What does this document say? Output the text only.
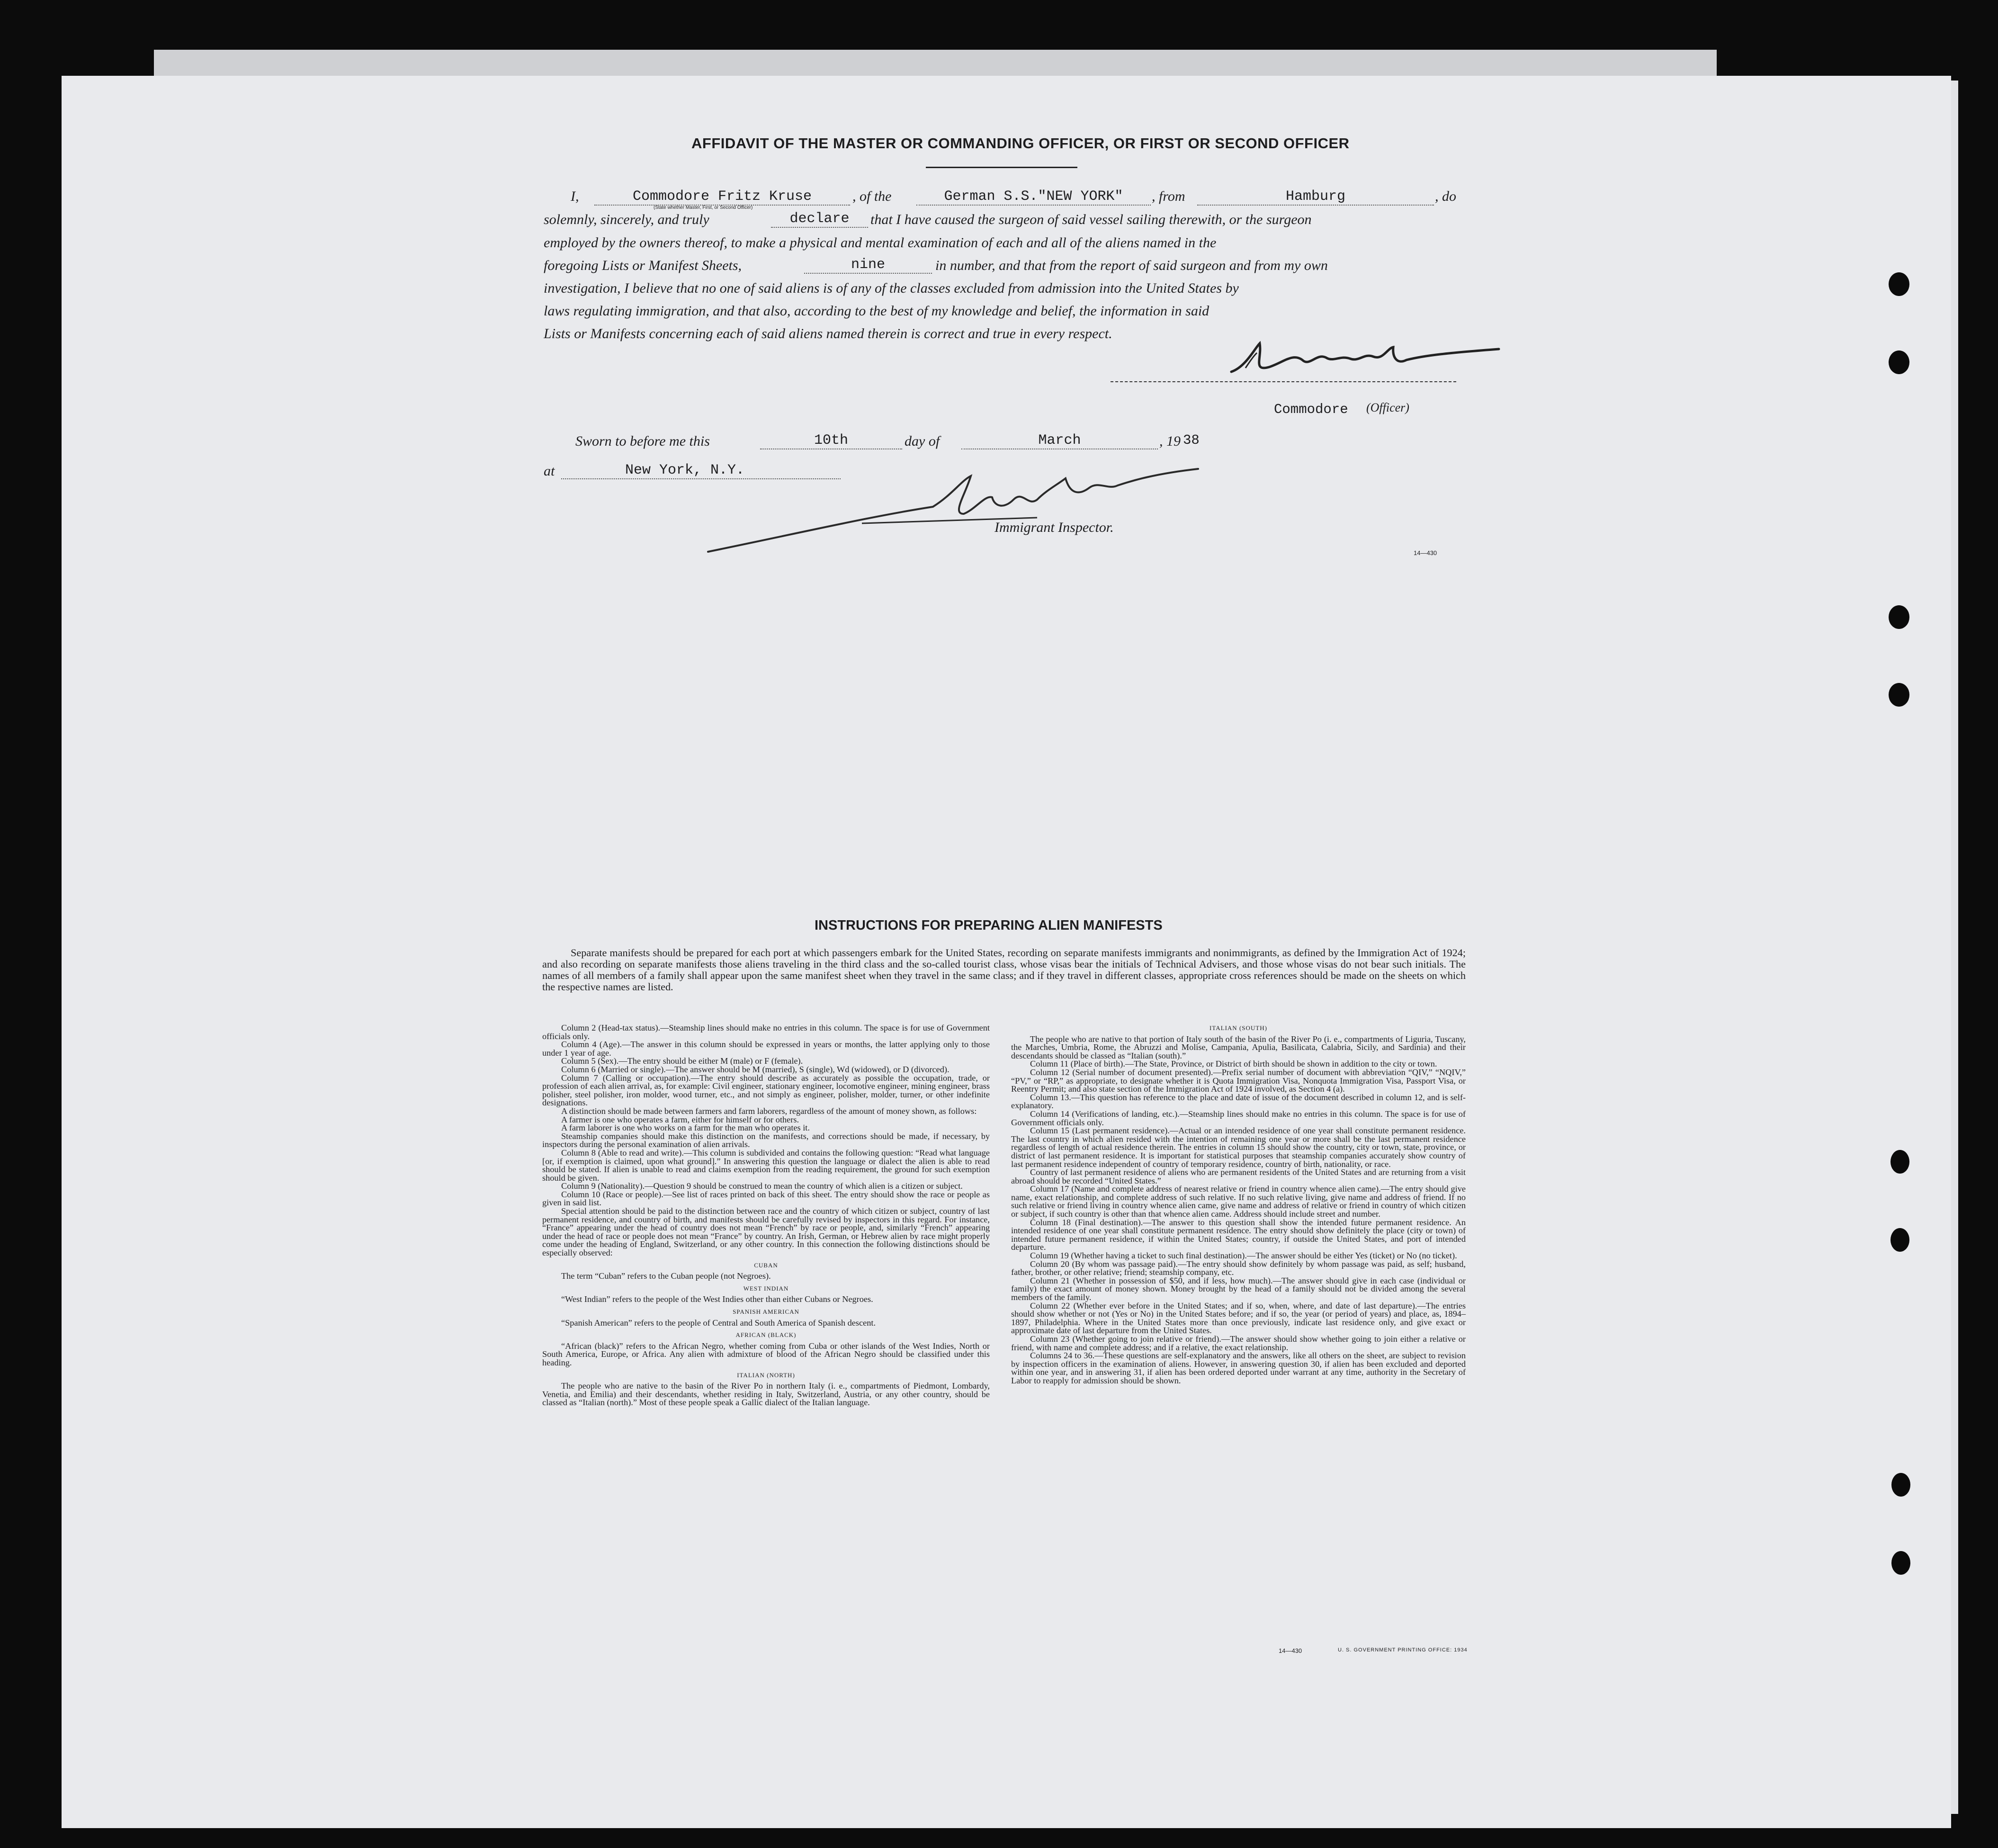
AFFIDAVIT OF THE MASTER OR COMMANDING OFFICER, OR FIRST OR SECOND OFFICER
I,	Commodore Fritz Kruse
(State whether Master, First, or Second Officer)
, of the	German S.S."NEW YORK"	, from	Hamburg	, do
solemnly, sincerely, and truly	declare	that I have caused the surgeon of said vessel sailing therewith, or the surgeon
employed by the owners thereof, to make a physical and mental examination of each and all of the aliens named in the
foregoing Lists or Manifest Sheets,	nine	in number, and that from the report of said surgeon and from my own
investigation, I believe that no one of said aliens is of any of the classes excluded from admission into the United States by
laws regulating immigration, and that also, according to the best of my knowledge and belief, the information in said
Lists or Manifests concerning each of said aliens named therein is correct and true in every respect.
Commodore (Officer)
Sworn to before me this	10th	day of	March	, 19 38
at	New York, N.Y.
Immigrant Inspector.
14—430
INSTRUCTIONS FOR PREPARING ALIEN MANIFESTS

Separate manifests should be prepared for each port at which passengers embark for the United States, recording on separate manifests immigrants and nonimmigrants, as defined by the Immigration Act of 1924; and also recording on separate manifests those aliens traveling in the third class and the so-called tourist class, whose visas bear the initials of Technical Advisers, and those whose visas do not bear such initials. The names of all members of a family shall appear upon the same manifest sheet when they travel in the same class; and if they travel in different classes, appropriate cross references should be made on the sheets on which the respective names are listed.

Column 2 (Head-tax status).—Steamship lines should make no entries in this column. The space is for use of Government officials only.

Column 4 (Age).—The answer in this column should be expressed in years or months, the latter applying only to those under 1 year of age.

Column 5 (Sex).—The entry should be either M (male) or F (female).

Column 6 (Married or single).—The answer should be M (married), S (single), Wd (widowed), or D (divorced).

Column 7 (Calling or occupation).—The entry should describe as accurately as possible the occupation, trade, or profession of each alien arrival, as, for example: Civil engineer, stationary engineer, locomotive engineer, mining engineer, brass polisher, steel polisher, iron molder, wood turner, etc., and not simply as engineer, polisher, molder, turner, or other indefinite designations.

A distinction should be made between farmers and farm laborers, regardless of the amount of money shown, as follows:

A farmer is one who operates a farm, either for himself or for others.

A farm laborer is one who works on a farm for the man who operates it.

Steamship companies should make this distinction on the manifests, and corrections should be made, if necessary, by inspectors during the personal examination of alien arrivals.

Column 8 (Able to read and write).—This column is subdivided and contains the following question: “Read what language [or, if exemption is claimed, upon what ground].” In answering this question the language or dialect the alien is able to read should be stated. If alien is unable to read and claims exemption from the reading requirement, the ground for such exemption should be given.

Column 9 (Nationality).—Question 9 should be construed to mean the country of which alien is a citizen or subject.

Column 10 (Race or people).—See list of races printed on back of this sheet. The entry should show the race or people as given in said list.

Special attention should be paid to the distinction between race and the country of which citizen or subject, country of last permanent residence, and country of birth, and manifests should be carefully revised by inspectors in this regard. For instance, “France” appearing under the head of country does not mean “French” by race or people, and, similarly “French” appearing under the head of race or people does not mean “France” by country. An Irish, German, or Hebrew alien by race might properly come under the heading of England, Switzerland, or any other country. In this connection the following distinctions should be especially observed:

CUBAN

The term “Cuban” refers to the Cuban people (not Negroes).

WEST INDIAN

“West Indian” refers to the people of the West Indies other than either Cubans or Negroes.

SPANISH AMERICAN

“Spanish American” refers to the people of Central and South America of Spanish descent.

AFRICAN (BLACK)

“African (black)” refers to the African Negro, whether coming from Cuba or other islands of the West Indies, North or South America, Europe, or Africa. Any alien with admixture of blood of the African Negro should be classified under this heading.

ITALIAN (NORTH)

The people who are native to the basin of the River Po in northern Italy (i. e., compartments of Piedmont, Lombardy, Venetia, and Emilia) and their descendants, whether residing in Italy, Switzerland, Austria, or any other country, should be classed as “Italian (north).” Most of these people speak a Gallic dialect of the Italian language.

ITALIAN (SOUTH)

The people who are native to that portion of Italy south of the basin of the River Po (i. e., compartments of Liguria, Tuscany, the Marches, Umbria, Rome, the Abruzzi and Molise, Campania, Apulia, Basilicata, Calabria, Sicily, and Sardinia) and their descendants should be classed as “Italian (south).”

Column 11 (Place of birth).—The State, Province, or District of birth should be shown in addition to the city or town.

Column 12 (Serial number of document presented).—Prefix serial number of document with abbreviation “QIV,” “NQIV,” “PV,” or “RP,” as appropriate, to designate whether it is Quota Immigration Visa, Nonquota Immigration Visa, Passport Visa, or Reentry Permit; and also state section of the Immigration Act of 1924 involved, as Section 4 (a).

Column 13.—This question has reference to the place and date of issue of the document described in column 12, and is self-explanatory.

Column 14 (Verifications of landing, etc.).—Steamship lines should make no entries in this column. The space is for use of Government officials only.

Column 15 (Last permanent residence).—Actual or an intended residence of one year shall constitute permanent residence. The last country in which alien resided with the intention of remaining one year or more shall be the last permanent residence regardless of length of actual residence therein. The entries in column 15 should show the country, city or town, state, province, or district of last permanent residence. It is important for statistical purposes that steamship companies accurately show country of last permanent residence independent of country of temporary residence, country of birth, nationality, or race.

Country of last permanent residence of aliens who are permanent residents of the United States and are returning from a visit abroad should be recorded “United States.”

Column 17 (Name and complete address of nearest relative or friend in country whence alien came).—The entry should give name, exact relationship, and complete address of such relative. If no such relative living, give name and address of friend. If no such relative or friend living in country whence alien came, give name and address of relative or friend in country of which citizen or subject, if such country is other than that whence alien came. Address should include street and number.

Column 18 (Final destination).—The answer to this question shall show the intended future permanent residence. An intended residence of one year shall constitute permanent residence. The entry should show definitely the place (city or town) of intended future permanent residence, if within the United States; country, if outside the United States, and port of intended departure.

Column 19 (Whether having a ticket to such final destination).—The answer should be either Yes (ticket) or No (no ticket).

Column 20 (By whom was passage paid).—The entry should show definitely by whom passage was paid, as self; husband, father, brother, or other relative; friend; steamship company, etc.

Column 21 (Whether in possession of $50, and if less, how much).—The answer should give in each case (individual or family) the exact amount of money shown. Money brought by the head of a family should not be divided among the several members of the family.

Column 22 (Whether ever before in the United States; and if so, when, where, and date of last departure).—The entries should show whether or not (Yes or No) in the United States before; and if so, the year (or period of years) and place, as, 1894–1897, Philadelphia. Where in the United States more than once previously, indicate last residence only, and give exact or approximate date of last departure from the United States.

Column 23 (Whether going to join relative or friend).—The answer should show whether going to join either a relative or friend, with name and complete address; and if a relative, the exact relationship.

Columns 24 to 36.—These questions are self-explanatory and the answers, like all others on the sheet, are subject to revision by inspection officers in the examination of aliens. However, in answering question 30, if alien has been excluded and deported within one year, and in answering 31, if alien has been ordered deported under warrant at any time, authority in the Secretary of Labor to reapply for admission should be shown.

14—430	U. S. GOVERNMENT PRINTING OFFICE: 1934
